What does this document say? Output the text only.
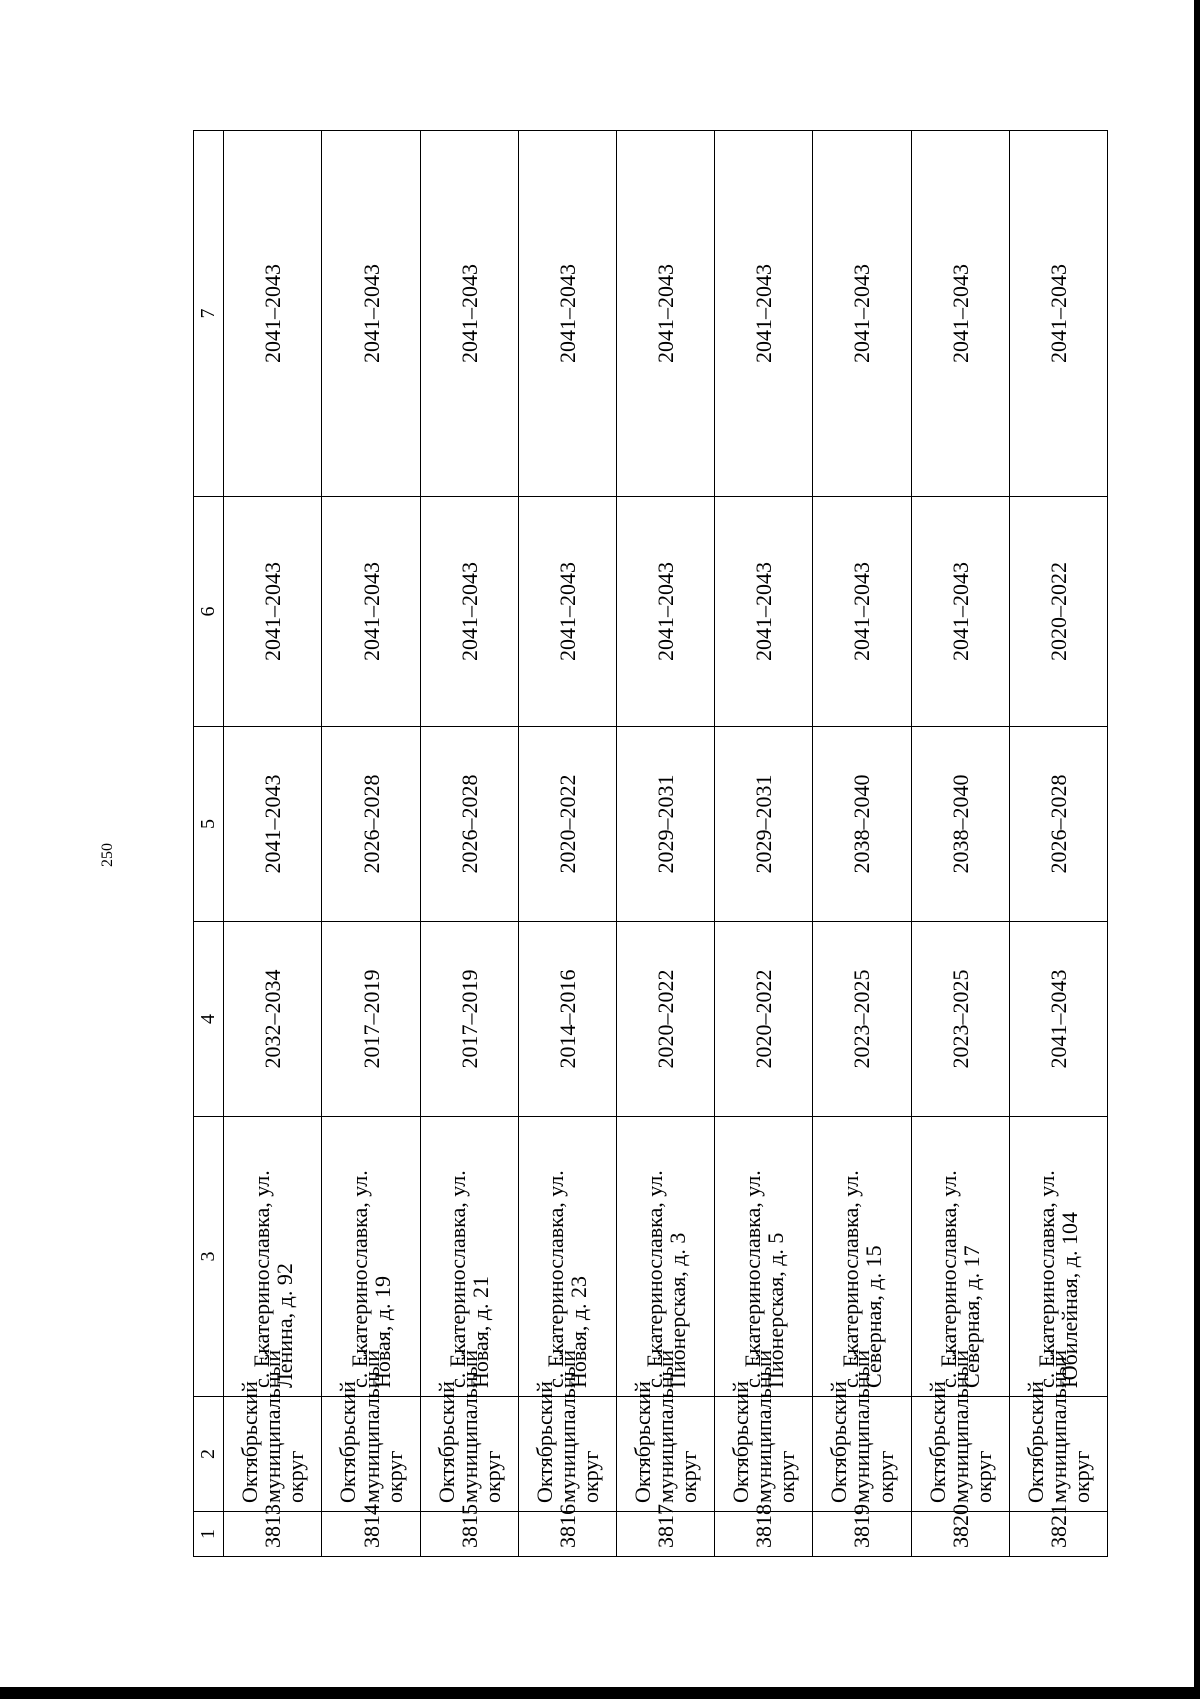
250
1	2	3	4	5	6	7
3813	Октябрьский муниципальный округ	с. Екатеринославка, ул. Ленина, д. 92	2032–2034	2041–2043	2041–2043	2041–2043
3814	Октябрьский муниципальный округ	с. Екатеринославка, ул. Новая, д. 19	2017–2019	2026–2028	2041–2043	2041–2043
3815	Октябрьский муниципальный округ	с. Екатеринославка, ул. Новая, д. 21	2017–2019	2026–2028	2041–2043	2041–2043
3816	Октябрьский муниципальный округ	с. Екатеринославка, ул. Новая, д. 23	2014–2016	2020–2022	2041–2043	2041–2043
3817	Октябрьский муниципальный округ	с. Екатеринославка, ул. Пионерская, д. 3	2020–2022	2029–2031	2041–2043	2041–2043
3818	Октябрьский муниципальный округ	с. Екатеринославка, ул. Пионерская, д. 5	2020–2022	2029–2031	2041–2043	2041–2043
3819	Октябрьский муниципальный округ	с. Екатеринославка, ул. Северная, д. 15	2023–2025	2038–2040	2041–2043	2041–2043
3820	Октябрьский муниципальный округ	с. Екатеринославка, ул. Северная, д. 17	2023–2025	2038–2040	2041–2043	2041–2043
3821	Октябрьский муниципальный округ	с. Екатеринославка, ул. Юбилейная, д. 104	2041–2043	2026–2028	2020–2022	2041–2043
